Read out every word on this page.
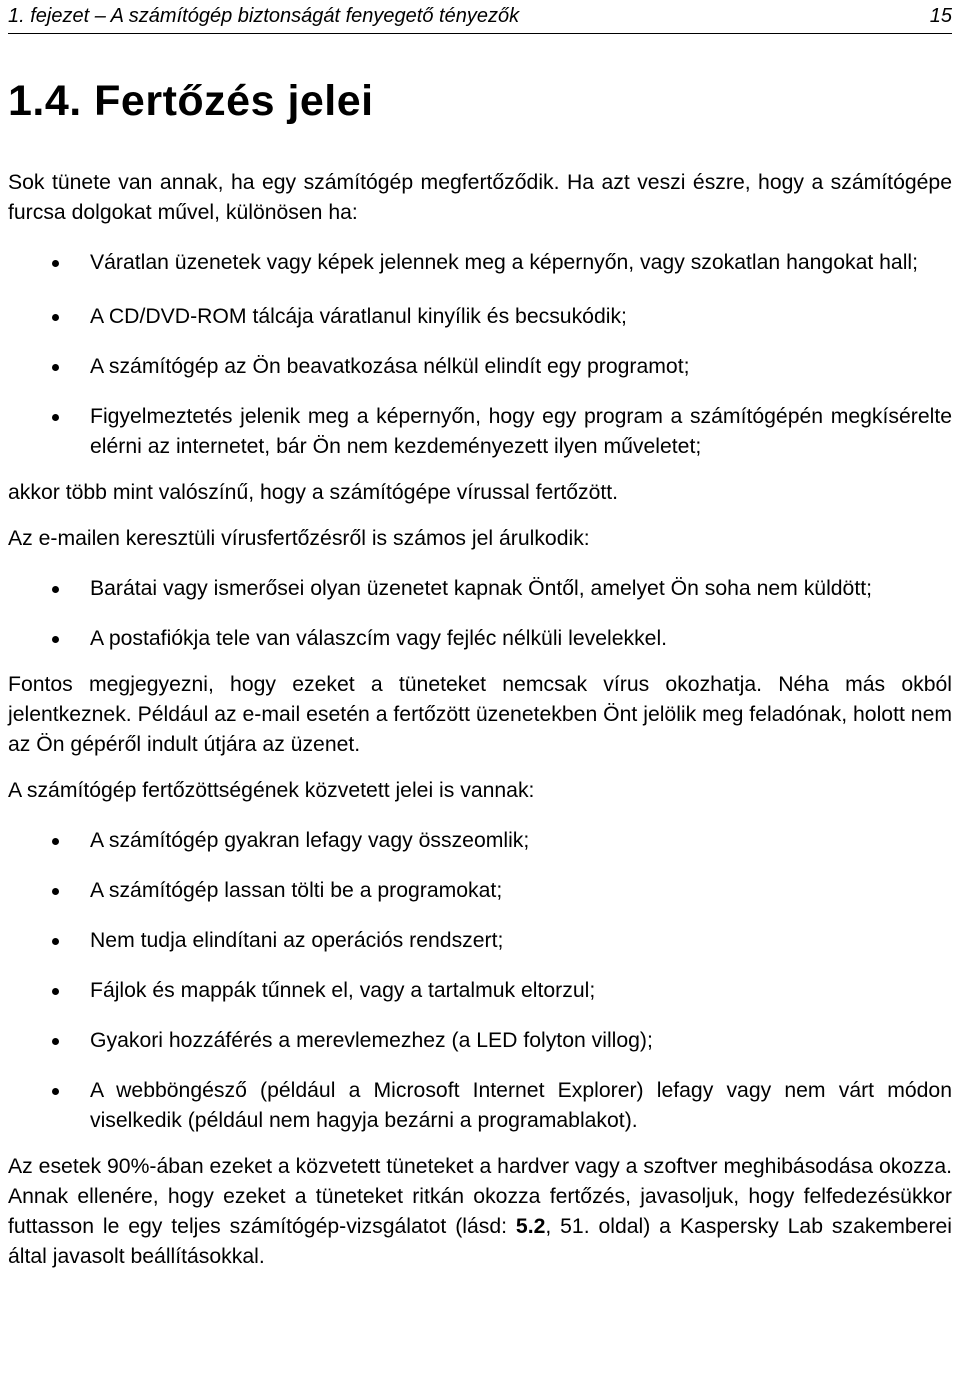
1. fejezet – A számítógép biztonságát fenyegető tényezők	15
1.4. Fertőzés jelei

Sok tünete van annak, ha egy számítógép megfertőződik. Ha azt veszi észre, hogy a számítógépe furcsa dolgokat művel, különösen ha:

Váratlan üzenetek vagy képek jelennek meg a képernyőn, vagy szokatlan hangokat hall;
A CD/DVD-ROM tálcája váratlanul kinyílik és becsukódik;
A számítógép az Ön beavatkozása nélkül elindít egy programot;
Figyelmeztetés jelenik meg a képernyőn, hogy egy program a számítógépén megkísérelte elérni az internetet, bár Ön nem kezdeményezett ilyen műveletet;

akkor több mint valószínű, hogy a számítógépe vírussal fertőzött.

Az e-mailen keresztüli vírusfertőzésről is számos jel árulkodik:

Barátai vagy ismerősei olyan üzenetet kapnak Öntől, amelyet Ön soha nem küldött;
A postafiókja tele van válaszcím vagy fejléc nélküli levelekkel.

Fontos megjegyezni, hogy ezeket a tüneteket nemcsak vírus okozhatja. Néha más okból jelentkeznek. Például az e-mail esetén a fertőzött üzenetekben Önt jelölik meg feladónak, holott nem az Ön gépéről indult útjára az üzenet.

A számítógép fertőzöttségének közvetett jelei is vannak:

A számítógép gyakran lefagy vagy összeomlik;
A számítógép lassan tölti be a programokat;
Nem tudja elindítani az operációs rendszert;
Fájlok és mappák tűnnek el, vagy a tartalmuk eltorzul;
Gyakori hozzáférés a merevlemezhez (a LED folyton villog);
A webböngésző (például a Microsoft Internet Explorer) lefagy vagy nem várt módon viselkedik (például nem hagyja bezárni a programablakot).

Az esetek 90%-ában ezeket a közvetett tüneteket a hardver vagy a szoftver meghibásodása okozza. Annak ellenére, hogy ezeket a tüneteket ritkán okozza fertőzés, javasoljuk, hogy felfedezésükkor futtasson le egy teljes számítógép-vizsgálatot (lásd: 5.2, 51. oldal) a Kaspersky Lab szakemberei által javasolt beállításokkal.
